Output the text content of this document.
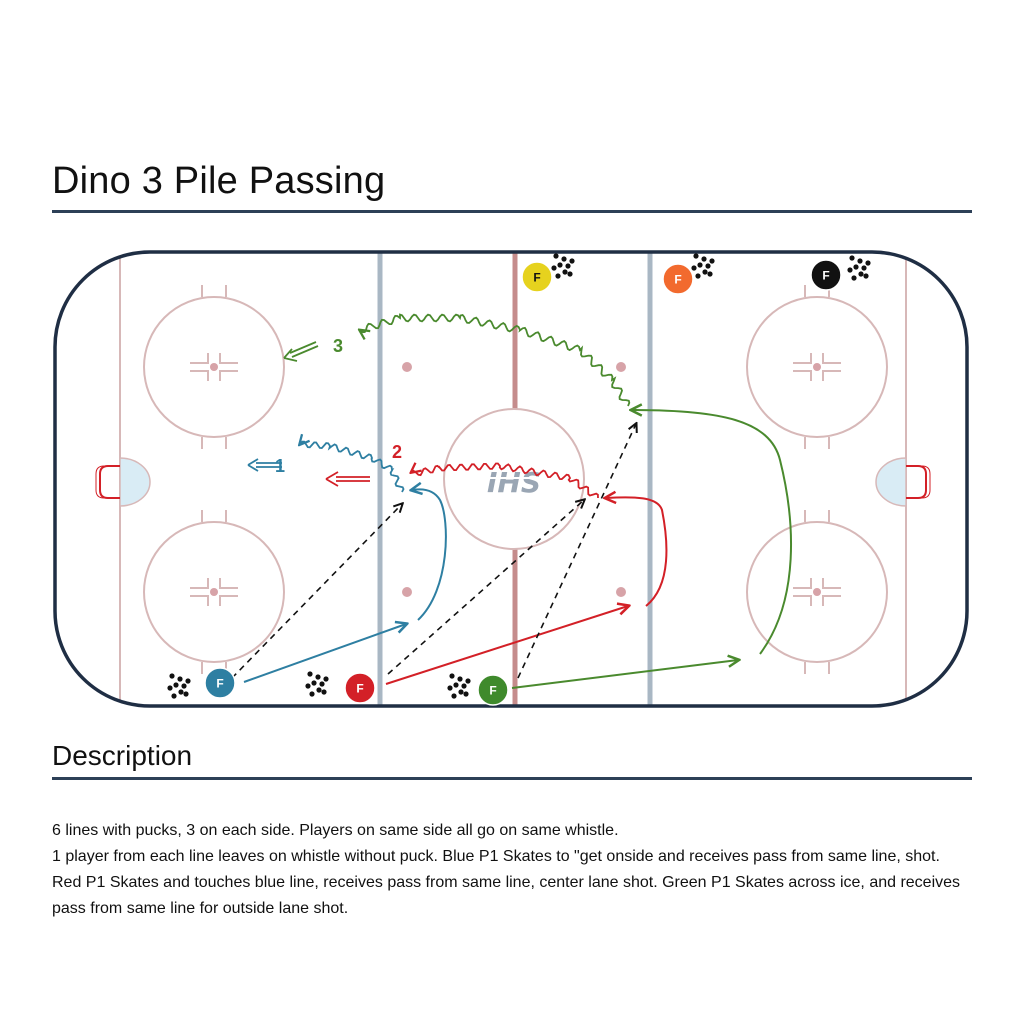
Dino 3 Pile Passing
IHS
3
2
1
F	F	F
F	F	F
Description

6 lines with pucks, 3 on each side. Players on same side all go on same whistle.

1 player from each line leaves on whistle without puck. Blue P1 Skates to "get onside and receives pass from same line, shot. Red P1 Skates and touches blue line, receives pass from same line, center lane shot. Green P1 Skates across ice, and receives pass from same line for outside lane shot.
